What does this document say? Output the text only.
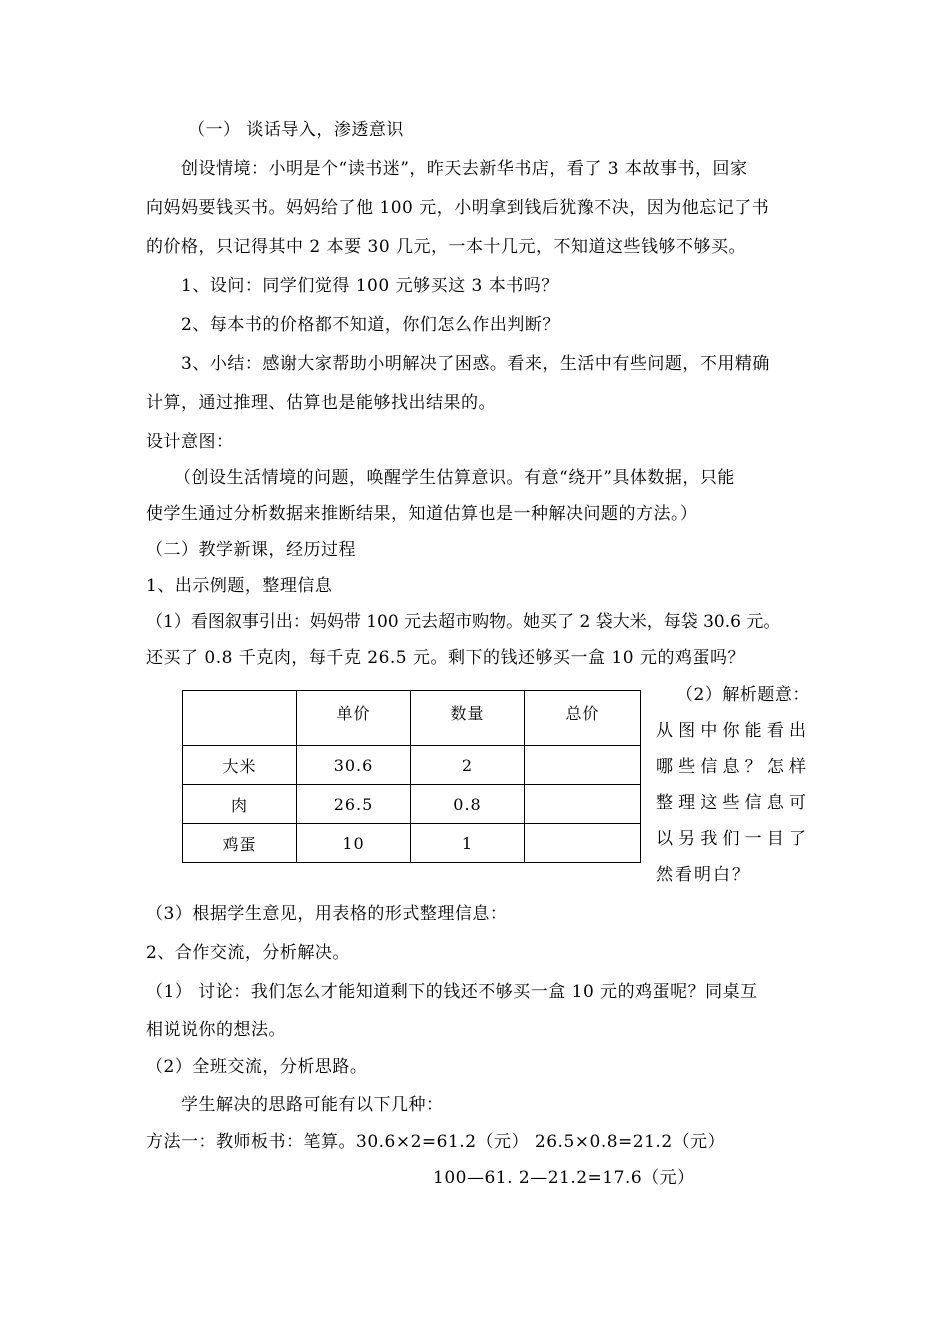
（一） 谈话导入，渗透意识
创设情境：小明是个“读书迷”，昨天去新华书店，看了 3 本故事书，回家
向妈妈要钱买书。妈妈给了他 100 元，小明拿到钱后犹豫不决，因为他忘记了书
的价格，只记得其中 2 本要 30 几元，一本十几元，不知道这些钱够不够买。
1、设问：同学们觉得 100 元够买这 3 本书吗？
2、每本书的价格都不知道，你们怎么作出判断？
3、小结：感谢大家帮助小明解决了困惑。看来，生活中有些问题，不用精确
计算，通过推理、估算也是能够找出结果的。
设计意图：
（创设生活情境的问题，唤醒学生估算意识。有意“绕开”具体数据，只能
使学生通过分析数据来推断结果，知道估算也是一种解决问题的方法。）
（二）教学新课，经历过程
1、出示例题，整理信息
（1）看图叙事引出：妈妈带 100 元去超市购物。她买了 2 袋大米，每袋 30.6 元。
还买了 0.8 千克肉，每千克 26.5 元。剩下的钱还够买一盒 10 元的鸡蛋吗？
	单价	数量	总价
大米	30.6	2	
肉	26.5	0.8	
鸡蛋	10	1	
（2）解析题意：
从图中你能看出
哪些信息？怎样
整理这些信息可
以另我们一目了
然看明白？
（3）根据学生意见，用表格的形式整理信息：
2、合作交流，分析解决。
（1） 讨论：我们怎么才能知道剩下的钱还不够买一盒 10 元的鸡蛋呢？同桌互
相说说你的想法。
（2）全班交流，分析思路。
学生解决的思路可能有以下几种：
方法一：教师板书：笔算。30.6×2=61.2（元） 26.5×0.8=21.2（元）
100—61. 2—21.2=17.6（元）
